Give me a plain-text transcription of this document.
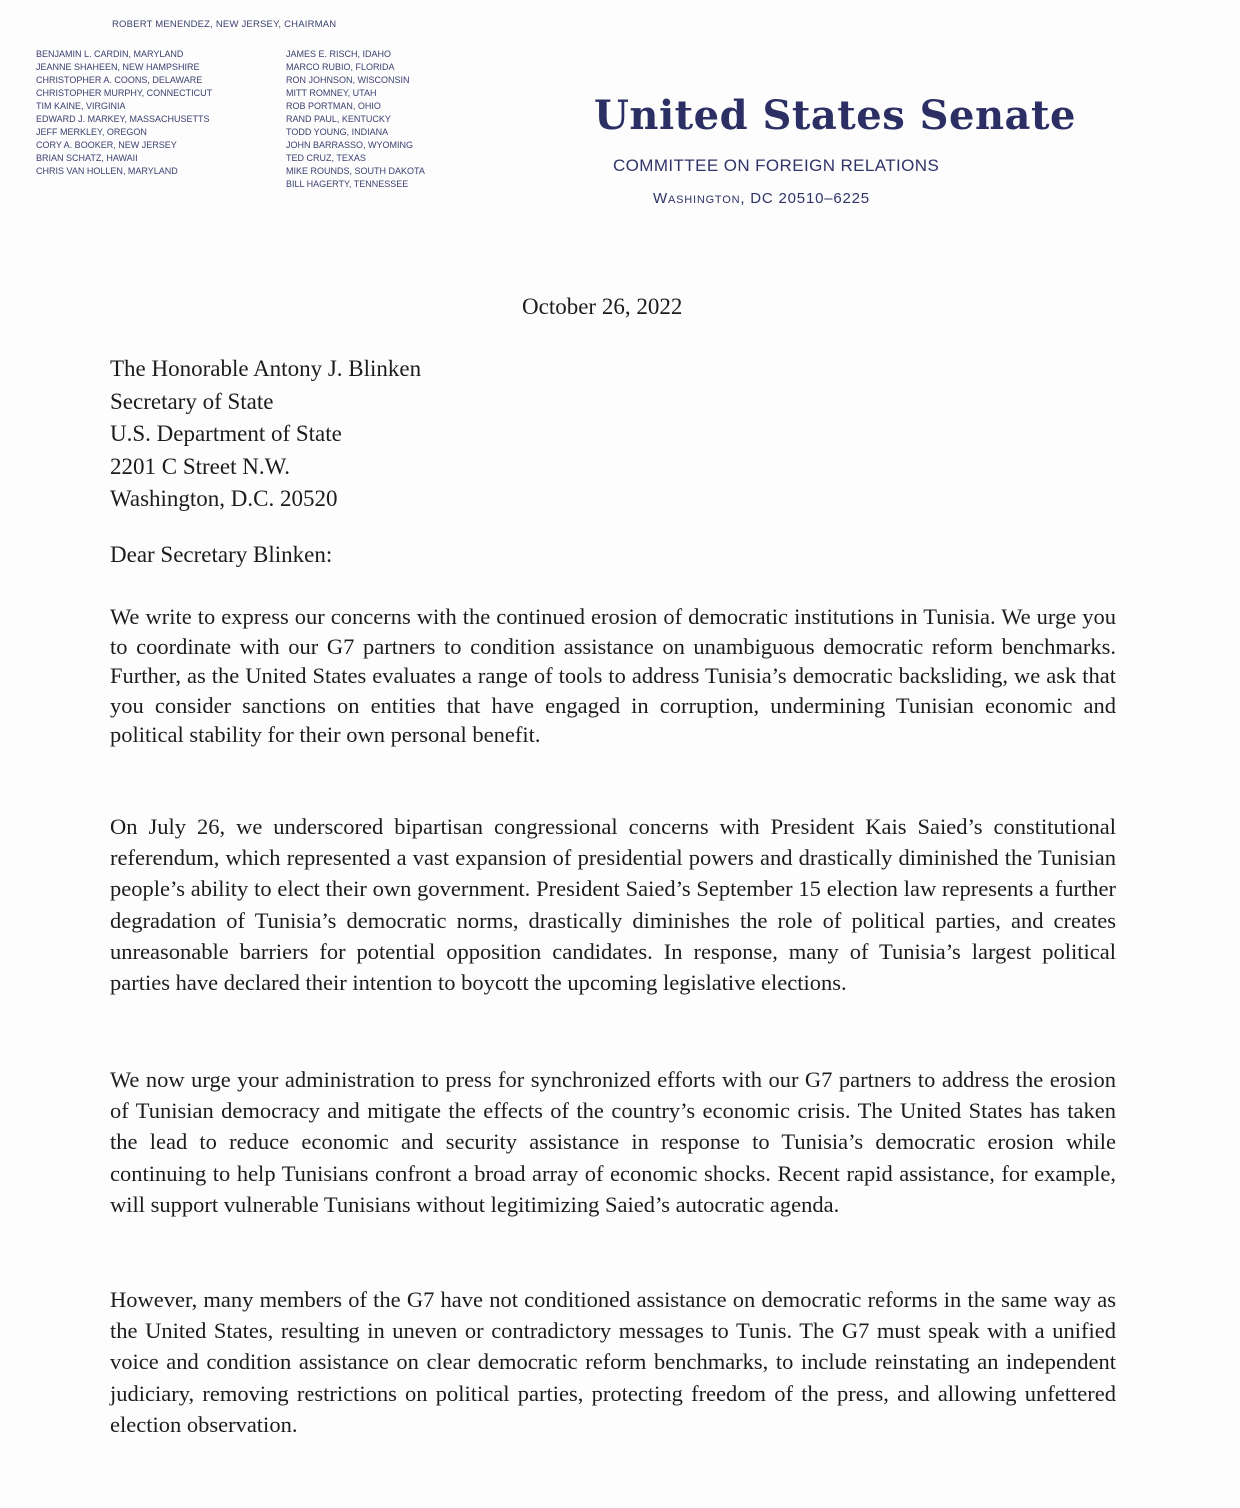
ROBERT MENENDEZ, NEW JERSEY, CHAIRMAN
BENJAMIN L. CARDIN, MARYLAND
JEANNE SHAHEEN, NEW HAMPSHIRE
CHRISTOPHER A. COONS, DELAWARE
CHRISTOPHER MURPHY, CONNECTICUT
TIM KAINE, VIRGINIA
EDWARD J. MARKEY, MASSACHUSETTS
JEFF MERKLEY, OREGON
CORY A. BOOKER, NEW JERSEY
BRIAN SCHATZ, HAWAII
CHRIS VAN HOLLEN, MARYLAND
JAMES E. RISCH, IDAHO
MARCO RUBIO, FLORIDA
RON JOHNSON, WISCONSIN
MITT ROMNEY, UTAH
ROB PORTMAN, OHIO
RAND PAUL, KENTUCKY
TODD YOUNG, INDIANA
JOHN BARRASSO, WYOMING
TED CRUZ, TEXAS
MIKE ROUNDS, SOUTH DAKOTA
BILL HAGERTY, TENNESSEE
United States Senate
COMMITTEE ON FOREIGN RELATIONS
Washington, DC 20510–6225
October 26, 2022
The Honorable Antony J. Blinken
Secretary of State
U.S. Department of State
2201 C Street N.W.
Washington, D.C. 20520
Dear Secretary Blinken:

We write to express our concerns with the continued erosion of democratic institutions in Tunisia. We urge you to coordinate with our G7 partners to condition assistance on unambiguous democratic reform benchmarks. Further, as the United States evaluates a range of tools to address Tunisia’s democratic backsliding, we ask that you consider sanctions on entities that have engaged in corruption, undermining Tunisian economic and political stability for their own personal benefit.

On July 26, we underscored bipartisan congressional concerns with President Kais Saied’s constitutional referendum, which represented a vast expansion of presidential powers and drastically diminished the Tunisian people’s ability to elect their own government. President Saied’s September 15 election law represents a further degradation of Tunisia’s democratic norms, drastically diminishes the role of political parties, and creates unreasonable barriers for potential opposition candidates. In response, many of Tunisia’s largest political parties have declared their intention to boycott the upcoming legislative elections.

We now urge your administration to press for synchronized efforts with our G7 partners to address the erosion of Tunisian democracy and mitigate the effects of the country’s economic crisis. The United States has taken the lead to reduce economic and security assistance in response to Tunisia’s democratic erosion while continuing to help Tunisians confront a broad array of economic shocks. Recent rapid assistance, for example, will support vulnerable Tunisians without legitimizing Saied’s autocratic agenda.

However, many members of the G7 have not conditioned assistance on democratic reforms in the same way as the United States, resulting in uneven or contradictory messages to Tunis. The G7 must speak with a unified voice and condition assistance on clear democratic reform benchmarks, to include reinstating an independent judiciary, removing restrictions on political parties, protecting freedom of the press, and allowing unfettered election observation.
